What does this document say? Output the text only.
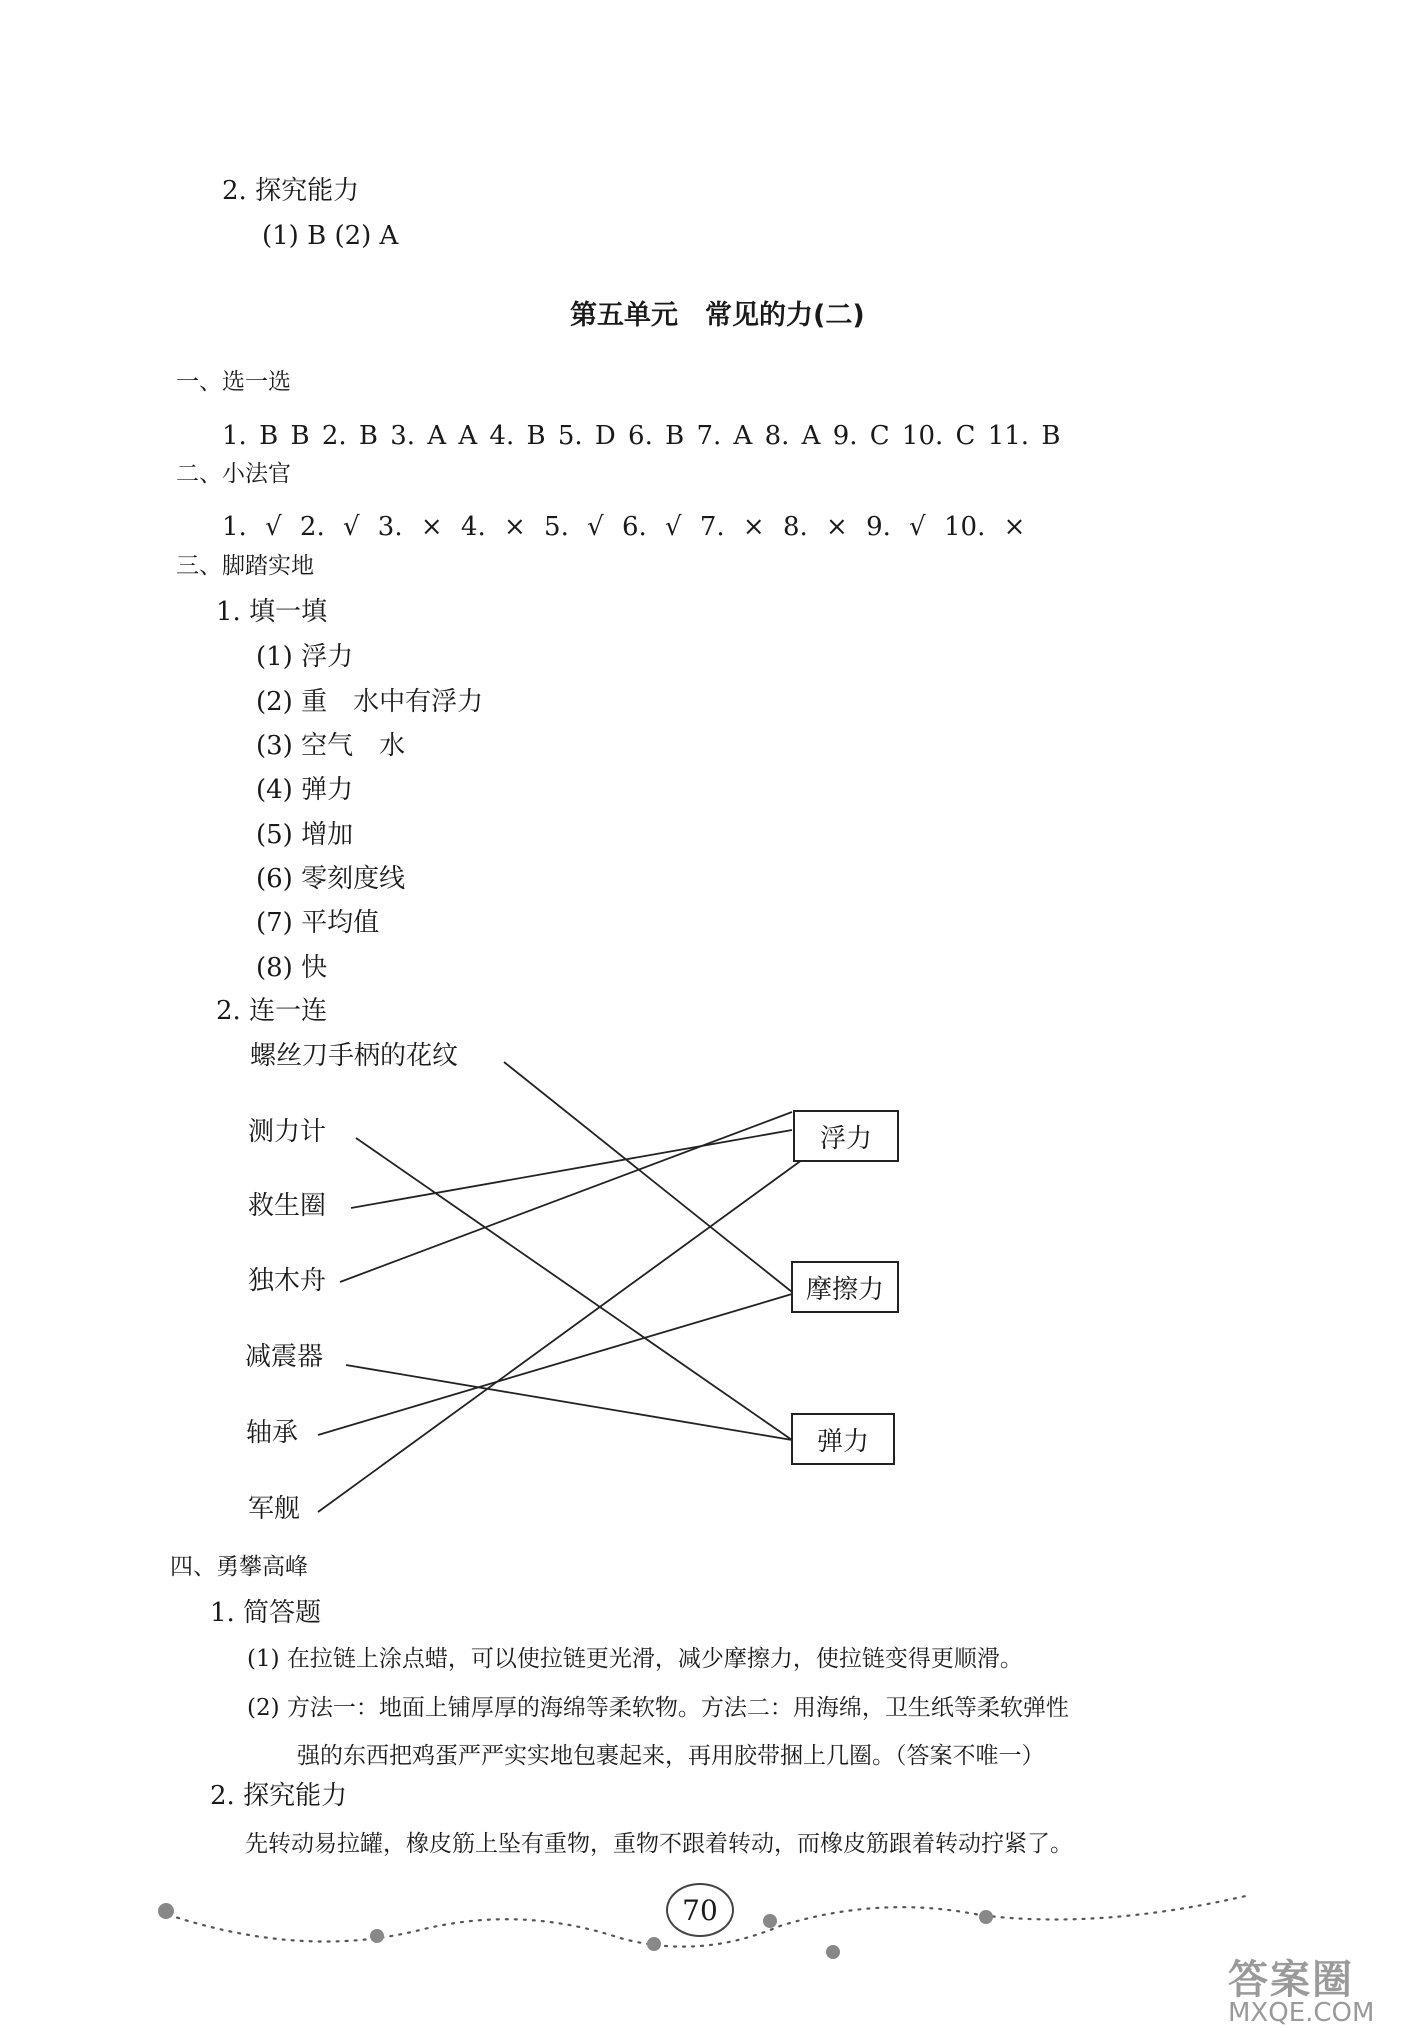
2. 探究能力
(1) B (2) A
第五单元　常见的力(二)
一、选一选
1. B B 2. B 3. A A 4. B 5. D 6. B 7. A 8. A 9. C 10. C 11. B
二、小法官
1. √ 2. √ 3. × 4. × 5. √ 6. √ 7. × 8. × 9. √ 10. ×
三、脚踏实地
1. 填一填
(1) 浮力
(2) 重　水中有浮力
(3) 空气　水
(4) 弹力
(5) 增加
(6) 零刻度线
(7) 平均值
(8) 快
2. 连一连
螺丝刀手柄的花纹
测力计
救生圈
独木舟
减震器
轴承
军舰
浮力
摩擦力
弹力
四、勇攀高峰
1. 简答题
(1) 在拉链上涂点蜡，可以使拉链更光滑，减少摩擦力，使拉链变得更顺滑。
(2) 方法一：地面上铺厚厚的海绵等柔软物。方法二：用海绵，卫生纸等柔软弹性
强的东西把鸡蛋严严实实地包裹起来，再用胶带捆上几圈。（答案不唯一）
2. 探究能力
先转动易拉罐，橡皮筋上坠有重物，重物不跟着转动，而橡皮筋跟着转动拧紧了。
70
答案圈
MXQE.COM
